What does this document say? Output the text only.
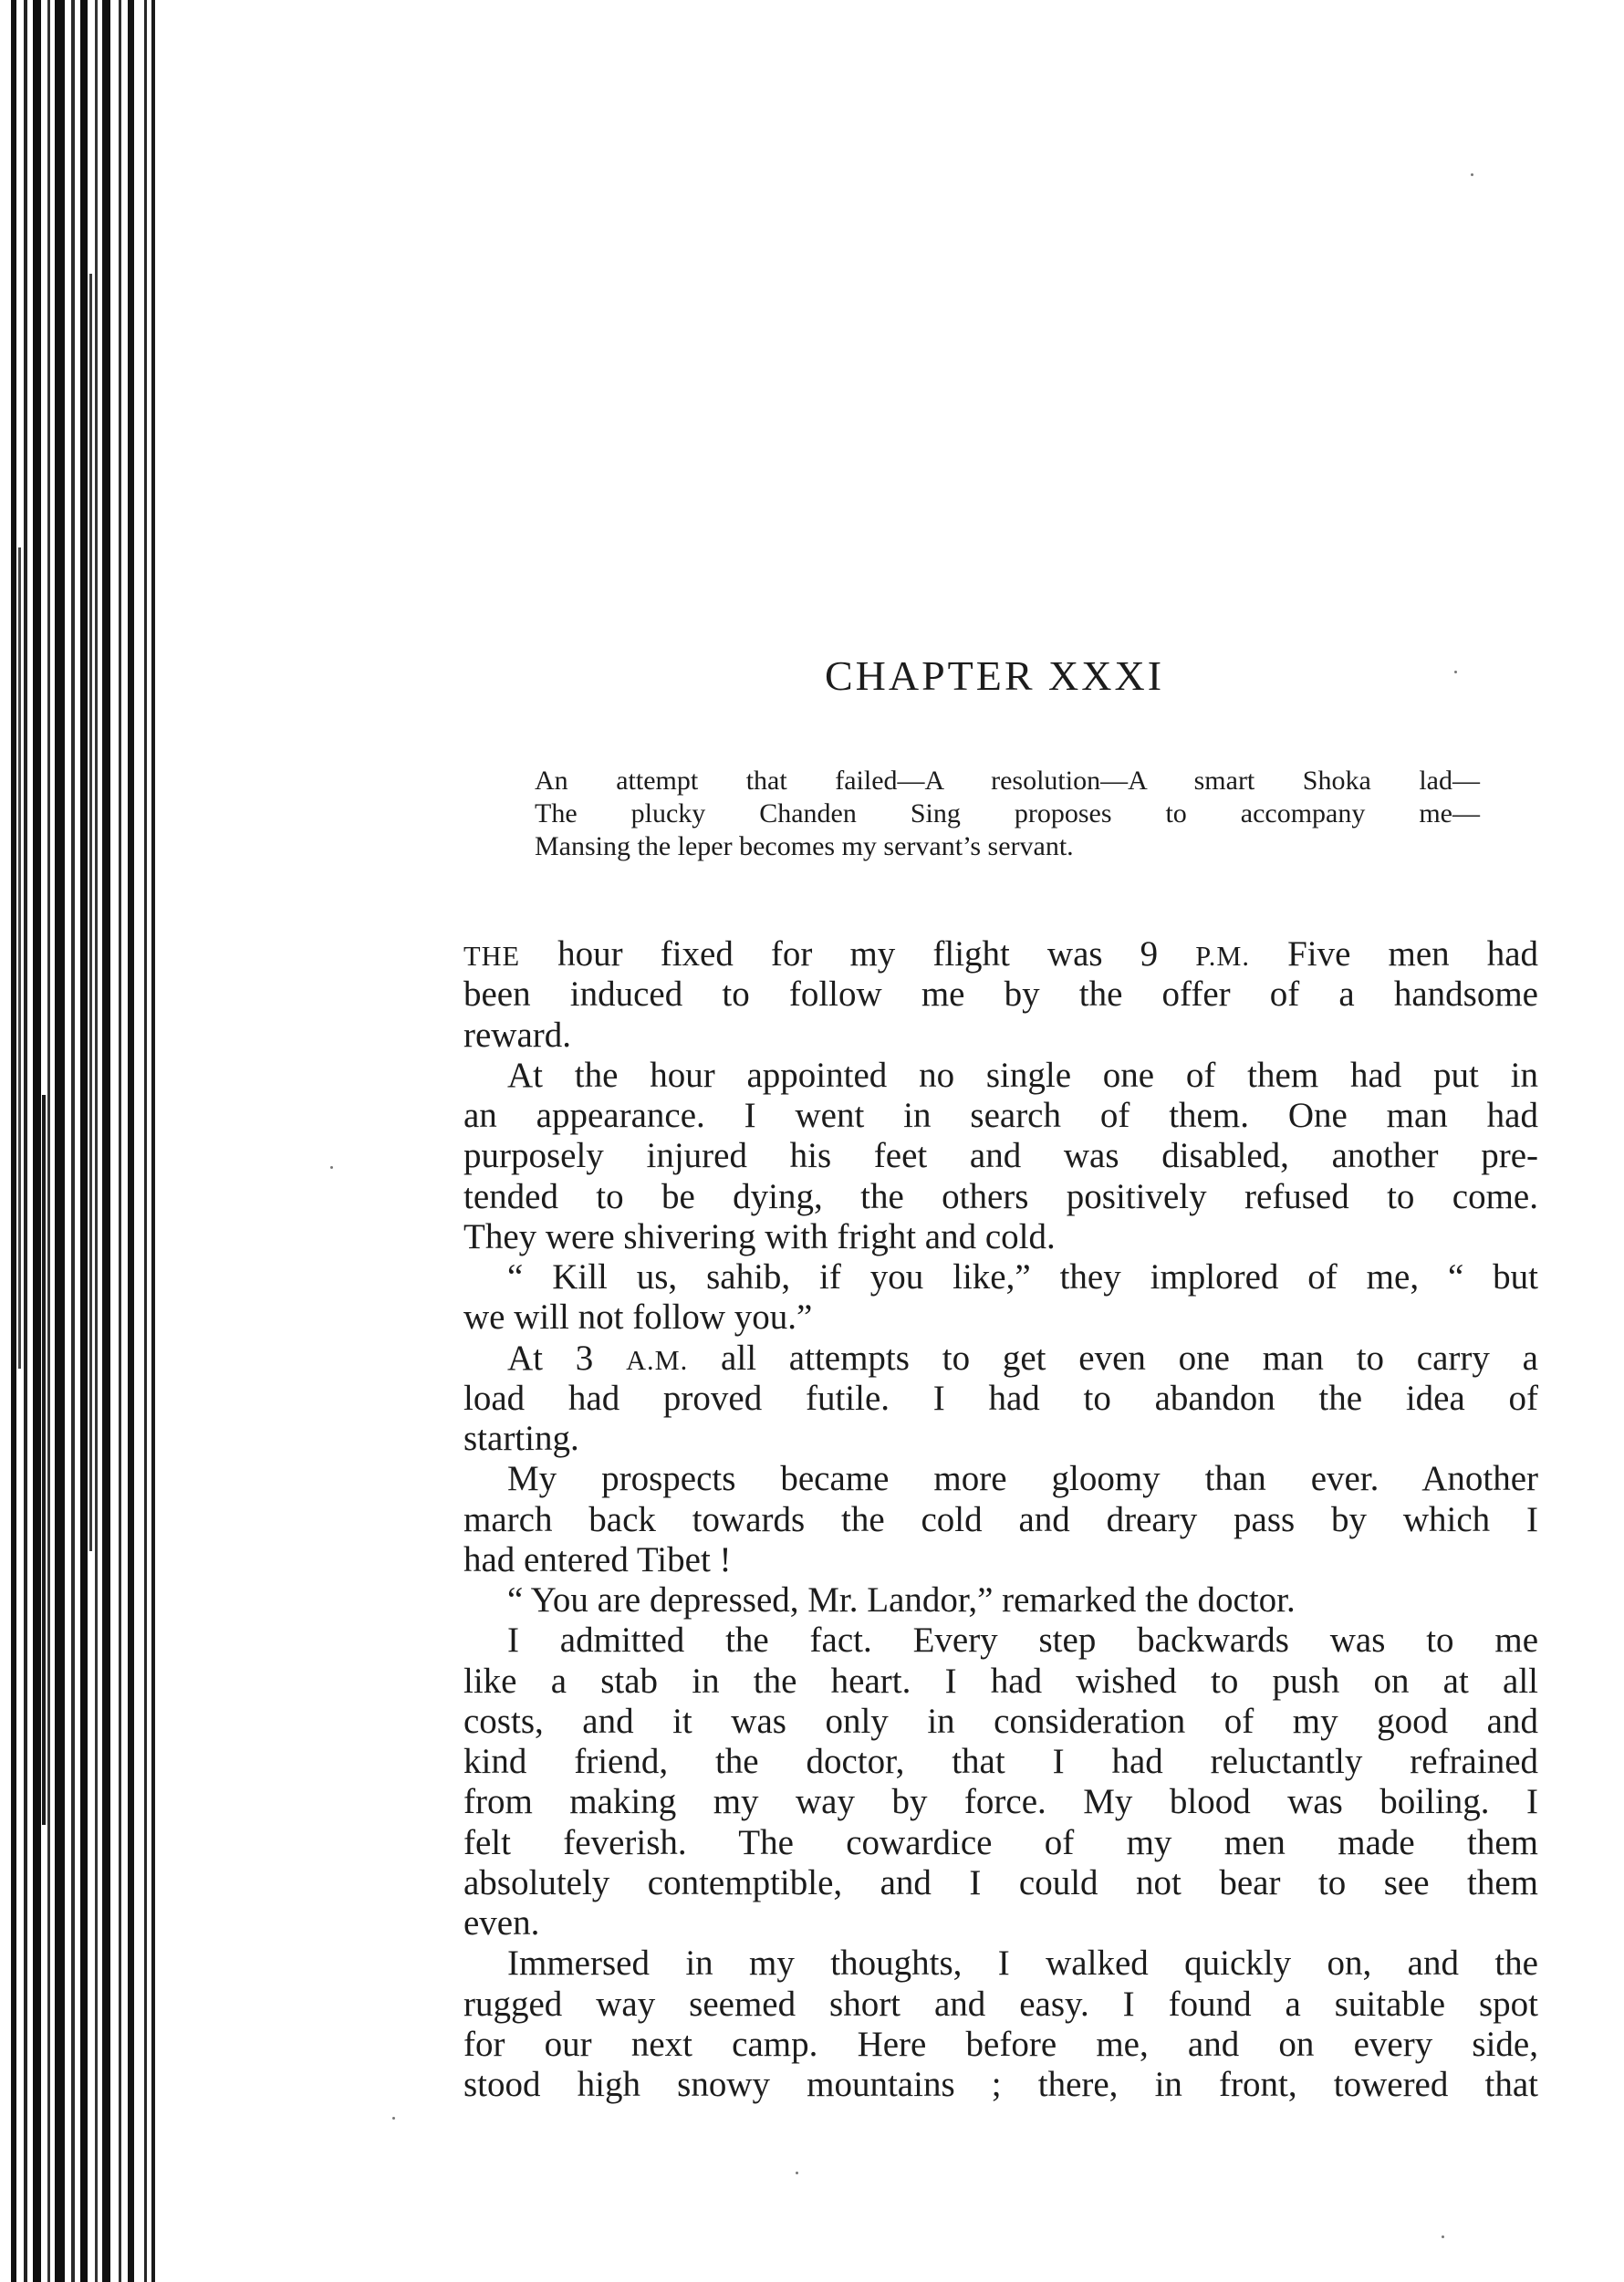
CHAPTER XXXI

An attempt that failed—A resolution—A smart Shoka lad—
The plucky Chanden Sing proposes to accompany me—
Mansing the leper becomes my servant’s servant.

THE hour fixed for my flight was 9 P.M. Five men had
been induced to follow me by the offer of a handsome
reward.
At the hour appointed no single one of them had put in
an appearance. I went in search of them. One man had
purposely injured his feet and was disabled, another pre-
tended to be dying, the others positively refused to come.
They were shivering with fright and cold.
“ Kill us, sahib, if you like,” they implored of me, “ but
we will not follow you.”
At 3 A.M. all attempts to get even one man to carry a
load had proved futile. I had to abandon the idea of
starting.
My prospects became more gloomy than ever. Another
march back towards the cold and dreary pass by which I
had entered Tibet !
“ You are depressed, Mr. Landor,” remarked the doctor.
I admitted the fact. Every step backwards was to me
like a stab in the heart. I had wished to push on at all
costs, and it was only in consideration of my good and
kind friend, the doctor, that I had reluctantly refrained
from making my way by force. My blood was boiling. I
felt feverish. The cowardice of my men made them
absolutely contemptible, and I could not bear to see them
even.
Immersed in my thoughts, I walked quickly on, and the
rugged way seemed short and easy. I found a suitable spot
for our next camp. Here before me, and on every side,
stood high snowy mountains ; there, in front, towered that
